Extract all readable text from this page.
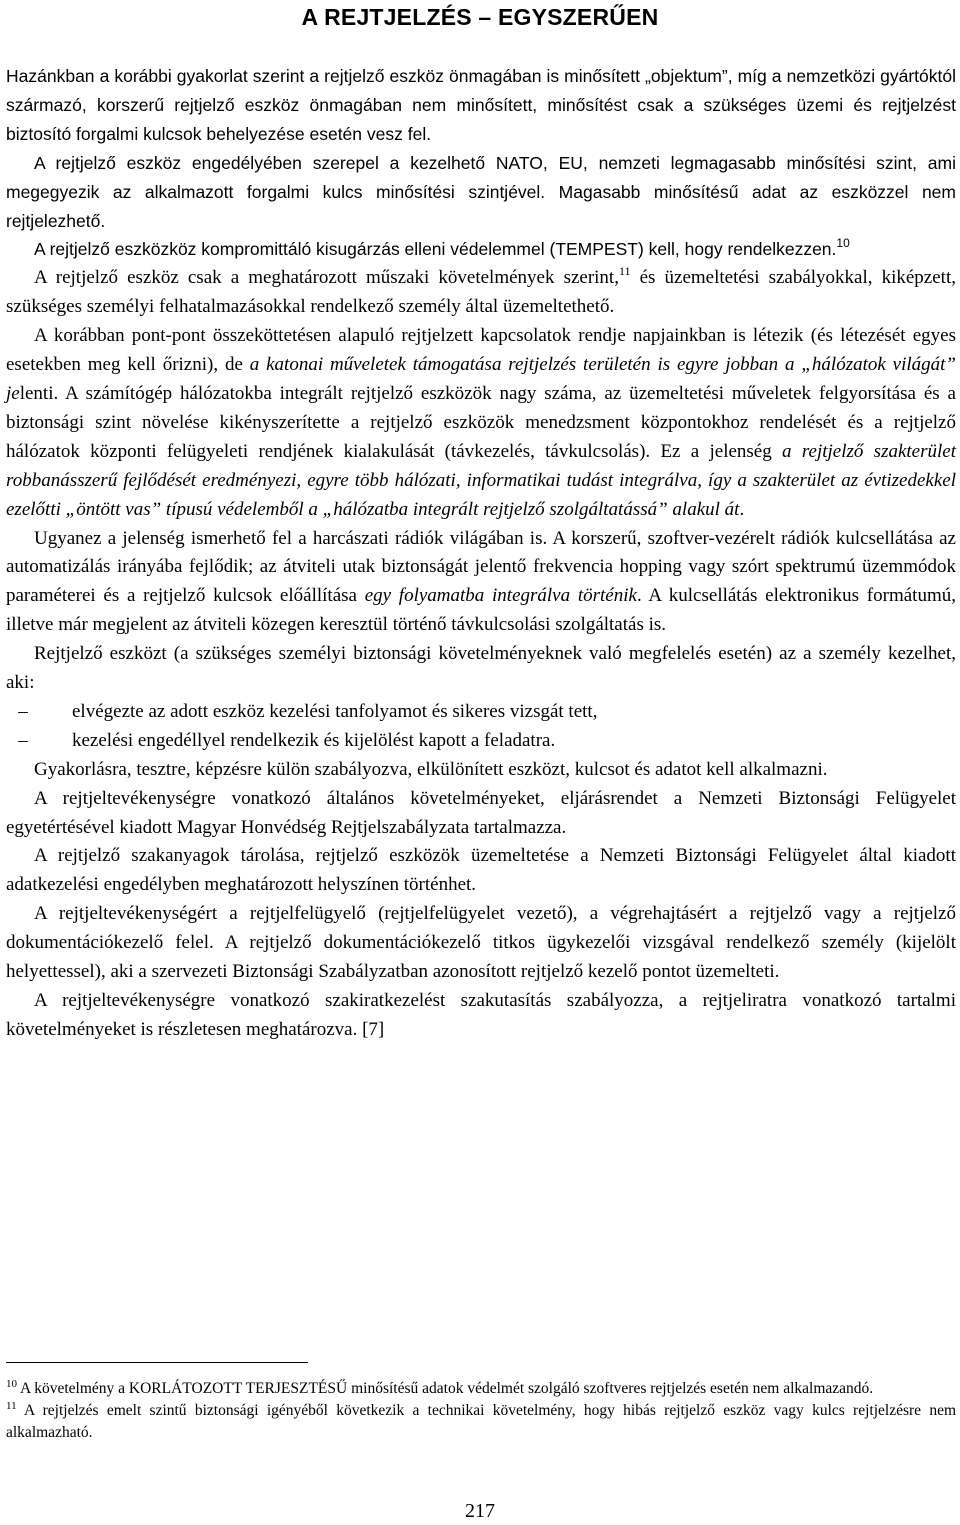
A REJTJELZÉS – EGYSZERŰEN

Hazánkban a korábbi gyakorlat szerint a rejtjelző eszköz önmagában is minősített „objektum”, míg a nemzetközi gyártóktól származó, korszerű rejtjelző eszköz önmagában nem minősített, minősítést csak a szükséges üzemi és rejtjelzést biztosító forgalmi kulcsok behelyezése esetén vesz fel.

A rejtjelző eszköz engedélyében szerepel a kezelhető NATO, EU, nemzeti legmagasabb minősítési szint, ami megegyezik az alkalmazott forgalmi kulcs minősítési szintjével. Magasabb minősítésű adat az eszközzel nem rejtjelezhető.

A rejtjelző eszközköz kompromittáló kisugárzás elleni védelemmel (TEMPEST) kell, hogy rendelkezzen.$^{10}$

A rejtjelző eszköz csak a meghatározott műszaki követelmények szerint,$^{11}$ és üzemeltetési szabályokkal, kiképzett, szükséges személyi felhatalmazásokkal rendelkező személy által üzemeltethető.

A korábban pont-pont összeköttetésen alapuló rejtjelzett kapcsolatok rendje napjainkban is létezik (és létezését egyes esetekben meg kell őrizni), de a katonai műveletek támogatása rejtjelzés területén is egyre jobban a „hálózatok világát” jelenti. A számítógép hálózatokba integrált rejtjelző eszközök nagy száma, az üzemeltetési műveletek felgyorsítása és a biztonsági szint növelése kikényszerítette a rejtjelző eszközök menedzsment központokhoz rendelését és a rejtjelző hálózatok központi felügyeleti rendjének kialakulását (távkezelés, távkulcsolás). Ez a jelenség a rejtjelző szakterület robbanásszerű fejlődését eredményezi, egyre több hálózati, informatikai tudást integrálva, így a szakterület az évtizedekkel ezelőtti „öntött vas” típusú védelemből a „hálózatba integrált rejtjelző szolgáltatássá” alakul át.

Ugyanez a jelenség ismerhető fel a harcászati rádiók világában is. A korszerű, szoftver-vezérelt rádiók kulcsellátása az automatizálás irányába fejlődik; az átviteli utak biztonságát jelentő frekvencia hopping vagy szórt spektrumú üzemmódok paraméterei és a rejtjelző kulcsok előállítása egy folyamatba integrálva történik. A kulcsellátás elektronikus formátumú, illetve már megjelent az átviteli közegen keresztül történő távkulcsolási szolgáltatás is.

Rejtjelző eszközt (a szükséges személyi biztonsági követelményeknek való megfelelés esetén) az a személy kezelhet, aki:

–	elvégezte az adott eszköz kezelési tanfolyamot és sikeres vizsgát tett,
–	kezelési engedéllyel rendelkezik és kijelölést kapott a feladatra.

Gyakorlásra, tesztre, képzésre külön szabályozva, elkülönített eszközt, kulcsot és adatot kell alkalmazni.

A rejtjeltevékenységre vonatkozó általános követelményeket, eljárásrendet a Nemzeti Biztonsági Felügyelet egyetértésével kiadott Magyar Honvédség Rejtjelszabályzata tartalmazza.

A rejtjelző szakanyagok tárolása, rejtjelző eszközök üzemeltetése a Nemzeti Biztonsági Felügyelet által kiadott adatkezelési engedélyben meghatározott helyszínen történhet.

A rejtjeltevékenységért a rejtjelfelügyelő (rejtjelfelügyelet vezető), a végrehajtásért a rejtjelző vagy a rejtjelző dokumentációkezelő felel. A rejtjelző dokumentációkezelő titkos ügykezelői vizsgával rendelkező személy (kijelölt helyettessel), aki a szervezeti Biztonsági Szabályzatban azonosított rejtjelző kezelő pontot üzemelteti.

A rejtjeltevékenységre vonatkozó szakiratkezelést szakutasítás szabályozza, a rejtjeliratra vonatkozó tartalmi követelményeket is részletesen meghatározva. [7]

$^{10}$ A követelmény a KORLÁTOZOTT TERJESZTÉSŰ minősítésű adatok védelmét szolgáló szoftveres rejtjelzés esetén nem alkalmazandó.

$^{11}$ A rejtjelzés emelt szintű biztonsági igényéből következik a technikai követelmény, hogy hibás rejtjelző eszköz vagy kulcs rejtjelzésre nem alkalmazható.

217
